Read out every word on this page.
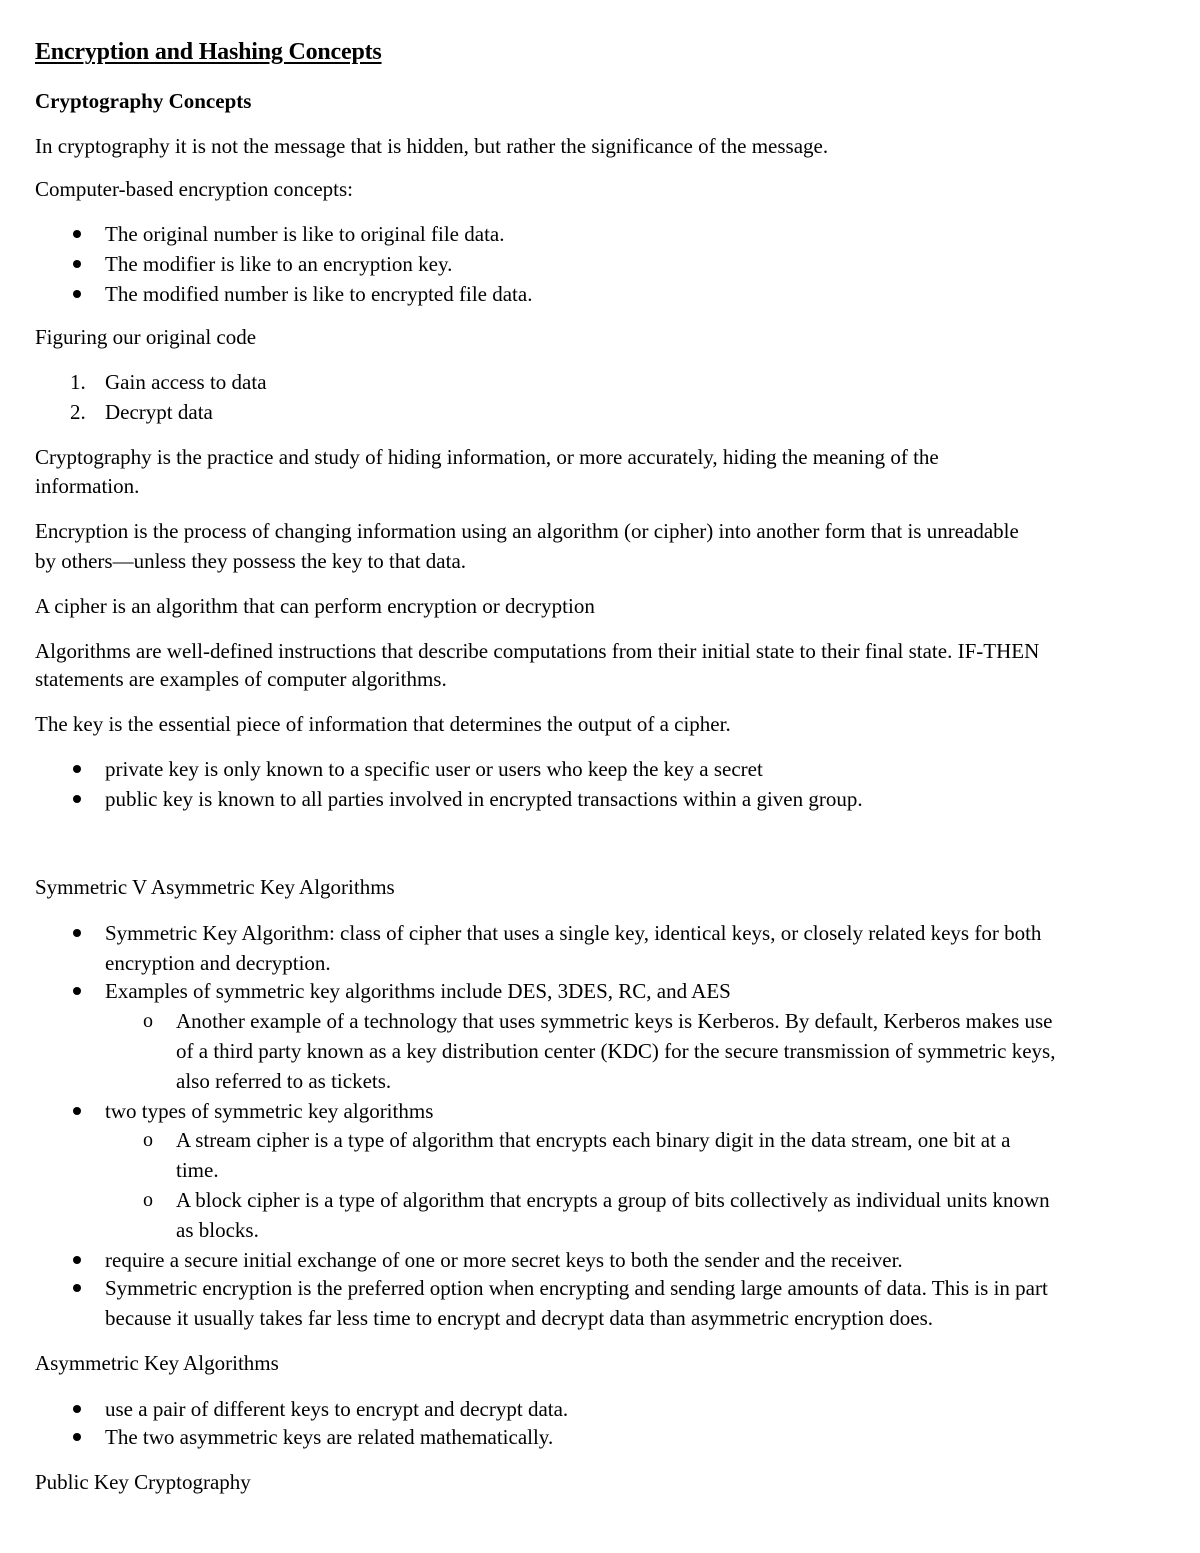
Encryption and Hashing Concepts
Cryptography Concepts
In cryptography it is not the message that is hidden, but rather the significance of the message.
Computer-based encryption concepts:
The original number is like to original file data.
The modifier is like to an encryption key.
The modified number is like to encrypted file data.
Figuring our original code
1. Gain access to data
2. Decrypt data
Cryptography is the practice and study of hiding information, or more accurately, hiding the meaning of the
information.
Encryption is the process of changing information using an algorithm (or cipher) into another form that is unreadable
by others—unless they possess the key to that data.
A cipher is an algorithm that can perform encryption or decryption
Algorithms are well-defined instructions that describe computations from their initial state to their final state. IF-THEN
statements are examples of computer algorithms.
The key is the essential piece of information that determines the output of a cipher.
private key is only known to a specific user or users who keep the key a secret
public key is known to all parties involved in encrypted transactions within a given group.
Symmetric V Asymmetric Key Algorithms
Symmetric Key Algorithm: class of cipher that uses a single key, identical keys, or closely related keys for both
encryption and decryption.
Examples of symmetric key algorithms include DES, 3DES, RC, and AES
o Another example of a technology that uses symmetric keys is Kerberos. By default, Kerberos makes use
of a third party known as a key distribution center (KDC) for the secure transmission of symmetric keys,
also referred to as tickets.
two types of symmetric key algorithms
o A stream cipher is a type of algorithm that encrypts each binary digit in the data stream, one bit at a
time.
o A block cipher is a type of algorithm that encrypts a group of bits collectively as individual units known
as blocks.
require a secure initial exchange of one or more secret keys to both the sender and the receiver.
Symmetric encryption is the preferred option when encrypting and sending large amounts of data. This is in part
because it usually takes far less time to encrypt and decrypt data than asymmetric encryption does.
Asymmetric Key Algorithms
use a pair of different keys to encrypt and decrypt data.
The two asymmetric keys are related mathematically.
Public Key Cryptography
